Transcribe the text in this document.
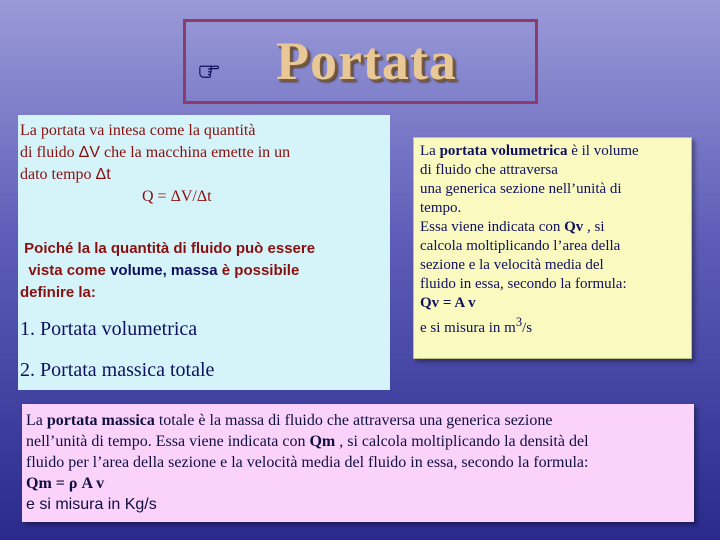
Portata
La portata va intesa come la quantità
di fluido ΔV che la macchina emette in un
dato tempo Δt
Q = ΔV/Δt
Poiché la la quantità di fluido può essere
vista come volume, massa è possibile
definire la:
1. Portata volumetrica
2. Portata massica totale
La portata volumetrica è il volume
di fluido che attraversa
una generica sezione nell’unità di
tempo.
Essa viene indicata con Qv , si
calcola moltiplicando l’area della
sezione e la velocità media del
fluido in essa, secondo la formula:
Qv = A v
e si misura in $m^3/s$
La portata massica totale è la massa di fluido che attraversa una generica sezione
nell’unità di tempo. Essa viene indicata con Qm , si calcola moltiplicando la densità del
fluido per l’area della sezione e la velocità media del fluido in essa, secondo la formula:
Qm = ρ A v
e si misura in Kg/s
